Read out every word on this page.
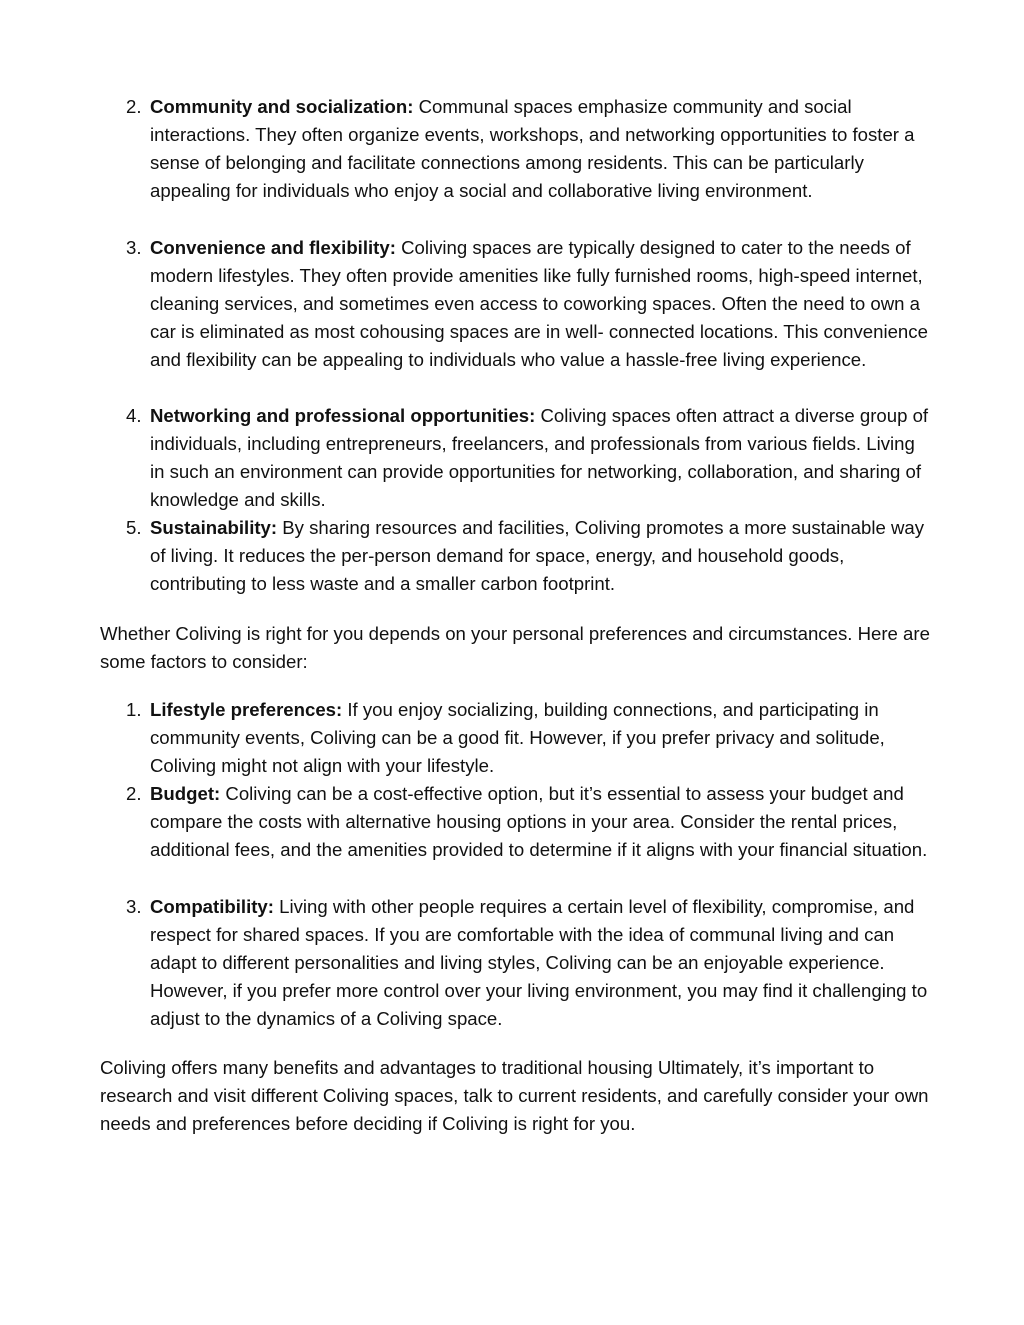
2. Community and socialization: Communal spaces emphasize community and social interactions. They often organize events, workshops, and networking opportunities to foster a sense of belonging and facilitate connections among residents. This can be particularly appealing for individuals who enjoy a social and collaborative living environment.
3. Convenience and flexibility: Coliving spaces are typically designed to cater to the needs of modern lifestyles. They often provide amenities like fully furnished rooms, high-speed internet, cleaning services, and sometimes even access to coworking spaces. Often the need to own a car is eliminated as most cohousing spaces are in well- connected locations. This convenience and flexibility can be appealing to individuals who value a hassle-free living experience.
4. Networking and professional opportunities: Coliving spaces often attract a diverse group of individuals, including entrepreneurs, freelancers, and professionals from various fields. Living in such an environment can provide opportunities for networking, collaboration, and sharing of knowledge and skills.
5. Sustainability: By sharing resources and facilities, Coliving promotes a more sustainable way of living. It reduces the per-person demand for space, energy, and household goods, contributing to less waste and a smaller carbon footprint.

Whether Coliving is right for you depends on your personal preferences and circumstances. Here are some factors to consider:

1. Lifestyle preferences: If you enjoy socializing, building connections, and participating in community events, Coliving can be a good fit. However, if you prefer privacy and solitude, Coliving might not align with your lifestyle.
2. Budget: Coliving can be a cost-effective option, but it’s essential to assess your budget and compare the costs with alternative housing options in your area. Consider the rental prices, additional fees, and the amenities provided to determine if it aligns with your financial situation.
3. Compatibility: Living with other people requires a certain level of flexibility, compromise, and respect for shared spaces. If you are comfortable with the idea of communal living and can adapt to different personalities and living styles, Coliving can be an enjoyable experience. However, if you prefer more control over your living environment, you may find it challenging to adjust to the dynamics of a Coliving space.

Coliving offers many benefits and advantages to traditional housing Ultimately, it’s important to research and visit different Coliving spaces, talk to current residents, and carefully consider your own needs and preferences before deciding if Coliving is right for you.
